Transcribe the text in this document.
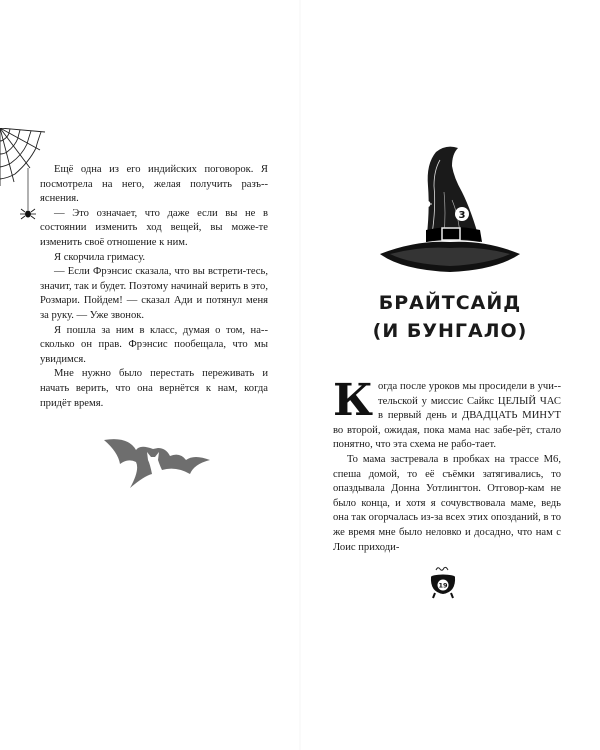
Ещё одна из его индийских поговорок. Я посмотрела на него, желая получить разъ-яснения.

— Это означает, что даже если вы не в состоянии изменить ход вещей, вы може-те изменить своё отношение к ним.

Я скорчила гримасу.

— Если Фрэнсис сказала, что вы встрети-тесь, значит, так и будет. Поэтому начинай верить в это, Розмари. Пойдем! — сказал Ади и потянул меня за руку. — Уже звонок.

Я пошла за ним в класс, думая о том, на-сколько он прав. Фрэнсис пообещала, что мы увидимся.

Мне нужно было перестать переживать и начать верить, что она вернётся к нам, когда придёт время.

3
БРАЙТСАЙД
(И БУНГАЛО)
К огда после уроков мы просидели в учи-тельской у миссис Сайкс ЦЕЛЫЙ ЧАС в первый день и ДВАДЦАТЬ МИНУТ во второй, ожидая, пока мама нас забе-рёт, стало понятно, что эта схема не рабо-тает.

То мама застревала в пробках на трассе М6, спеша домой, то её съёмки затягивались, то опаздывала Донна Уотлингтон. Отговор-кам не было конца, и хотя я сочувствовала маме, ведь она так огорчалась из-за всех этих опозданий, в то же время мне было неловко и досадно, что нам с Лоис приходи-

19
